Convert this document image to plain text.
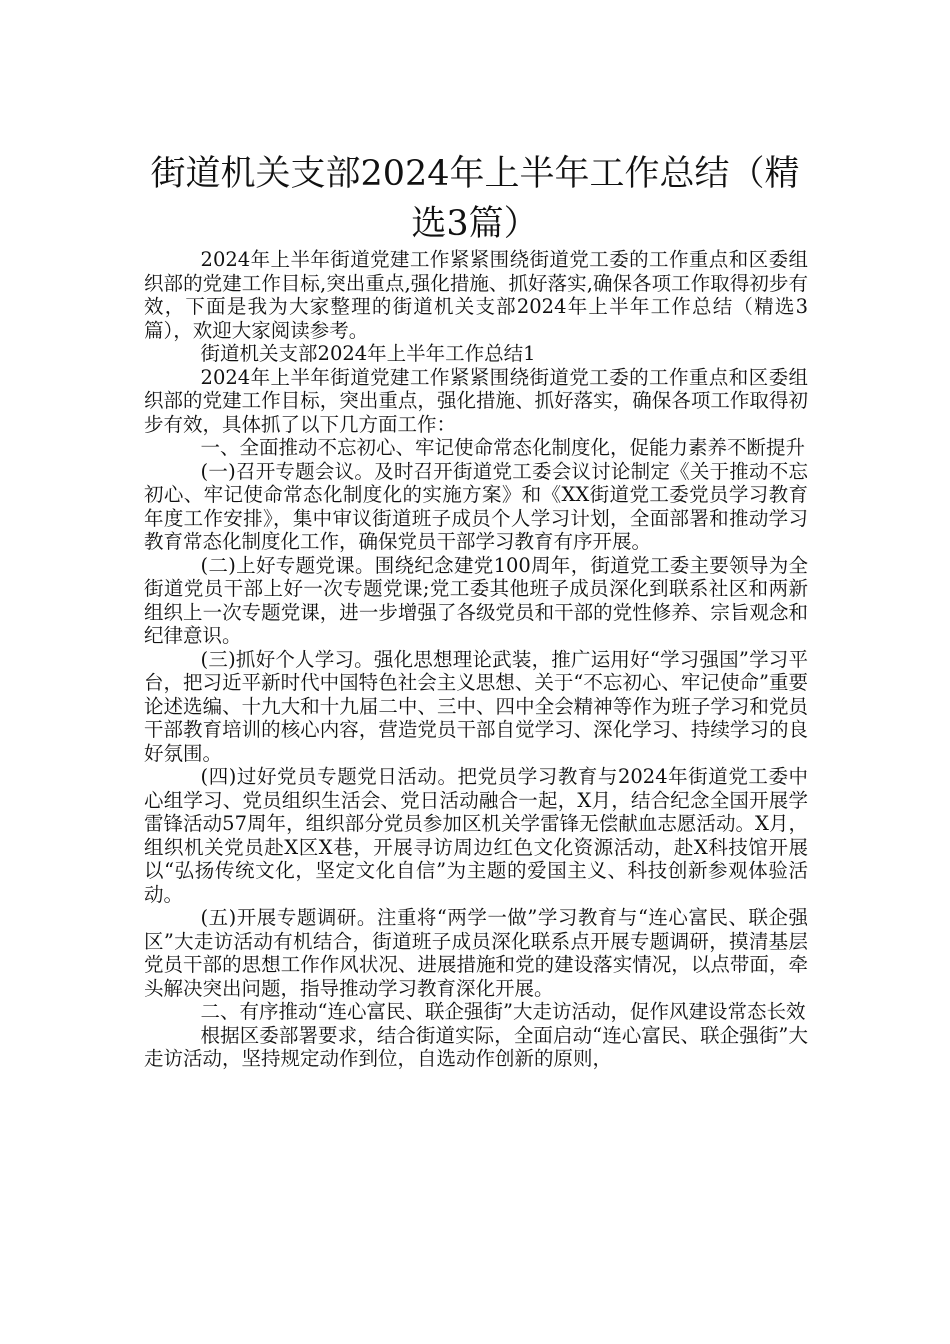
街道机关支部2024年上半年工作总结（精选3篇）

2024年上半年街道党建工作紧紧围绕街道党工委的工作重点和区委组织部的党建工作目标,突出重点,强化措施、抓好落实,确保各项工作取得初步有效，下面是我为大家整理的街道机关支部2024年上半年工作总结（精选3篇），欢迎大家阅读参考。

街道机关支部2024年上半年工作总结1

2024年上半年街道党建工作紧紧围绕街道党工委的工作重点和区委组织部的党建工作目标，突出重点，强化措施、抓好落实，确保各项工作取得初步有效，具体抓了以下几方面工作：

一、全面推动不忘初心、牢记使命常态化制度化，促能力素养不断提升

(一)召开专题会议。及时召开街道党工委会议讨论制定《关于推动不忘初心、牢记使命常态化制度化的实施方案》和《XX街道党工委党员学习教育年度工作安排》，集中审议街道班子成员个人学习计划，全面部署和推动学习教育常态化制度化工作，确保党员干部学习教育有序开展。

(二)上好专题党课。围绕纪念建党100周年，街道党工委主要领导为全街道党员干部上好一次专题党课;党工委其他班子成员深化到联系社区和两新组织上一次专题党课，进一步增强了各级党员和干部的党性修养、宗旨观念和纪律意识。

(三)抓好个人学习。强化思想理论武装，推广运用好“学习强国”学习平台，把习近平新时代中国特色社会主义思想、关于“不忘初心、牢记使命”重要论述选编、十九大和十九届二中、三中、四中全会精神等作为班子学习和党员干部教育培训的核心内容，营造党员干部自觉学习、深化学习、持续学习的良好氛围。

(四)过好党员专题党日活动。把党员学习教育与2024年街道党工委中心组学习、党员组织生活会、党日活动融合一起，X月，结合纪念全国开展学雷锋活动57周年，组织部分党员参加区机关学雷锋无偿献血志愿活动。X月，组织机关党员赴X区X巷，开展寻访周边红色文化资源活动，赴X科技馆开展以“弘扬传统文化，坚定文化自信”为主题的爱国主义、科技创新参观体验活动。

(五)开展专题调研。注重将“两学一做”学习教育与“连心富民、联企强区”大走访活动有机结合，街道班子成员深化联系点开展专题调研，摸清基层党员干部的思想工作作风状况、进展措施和党的建设落实情况，以点带面，牵头解决突出问题，指导推动学习教育深化开展。

二、有序推动“连心富民、联企强街”大走访活动，促作风建设常态长效

根据区委部署要求，结合街道实际，全面启动“连心富民、联企强街”大走访活动，坚持规定动作到位，自选动作创新的原则，
